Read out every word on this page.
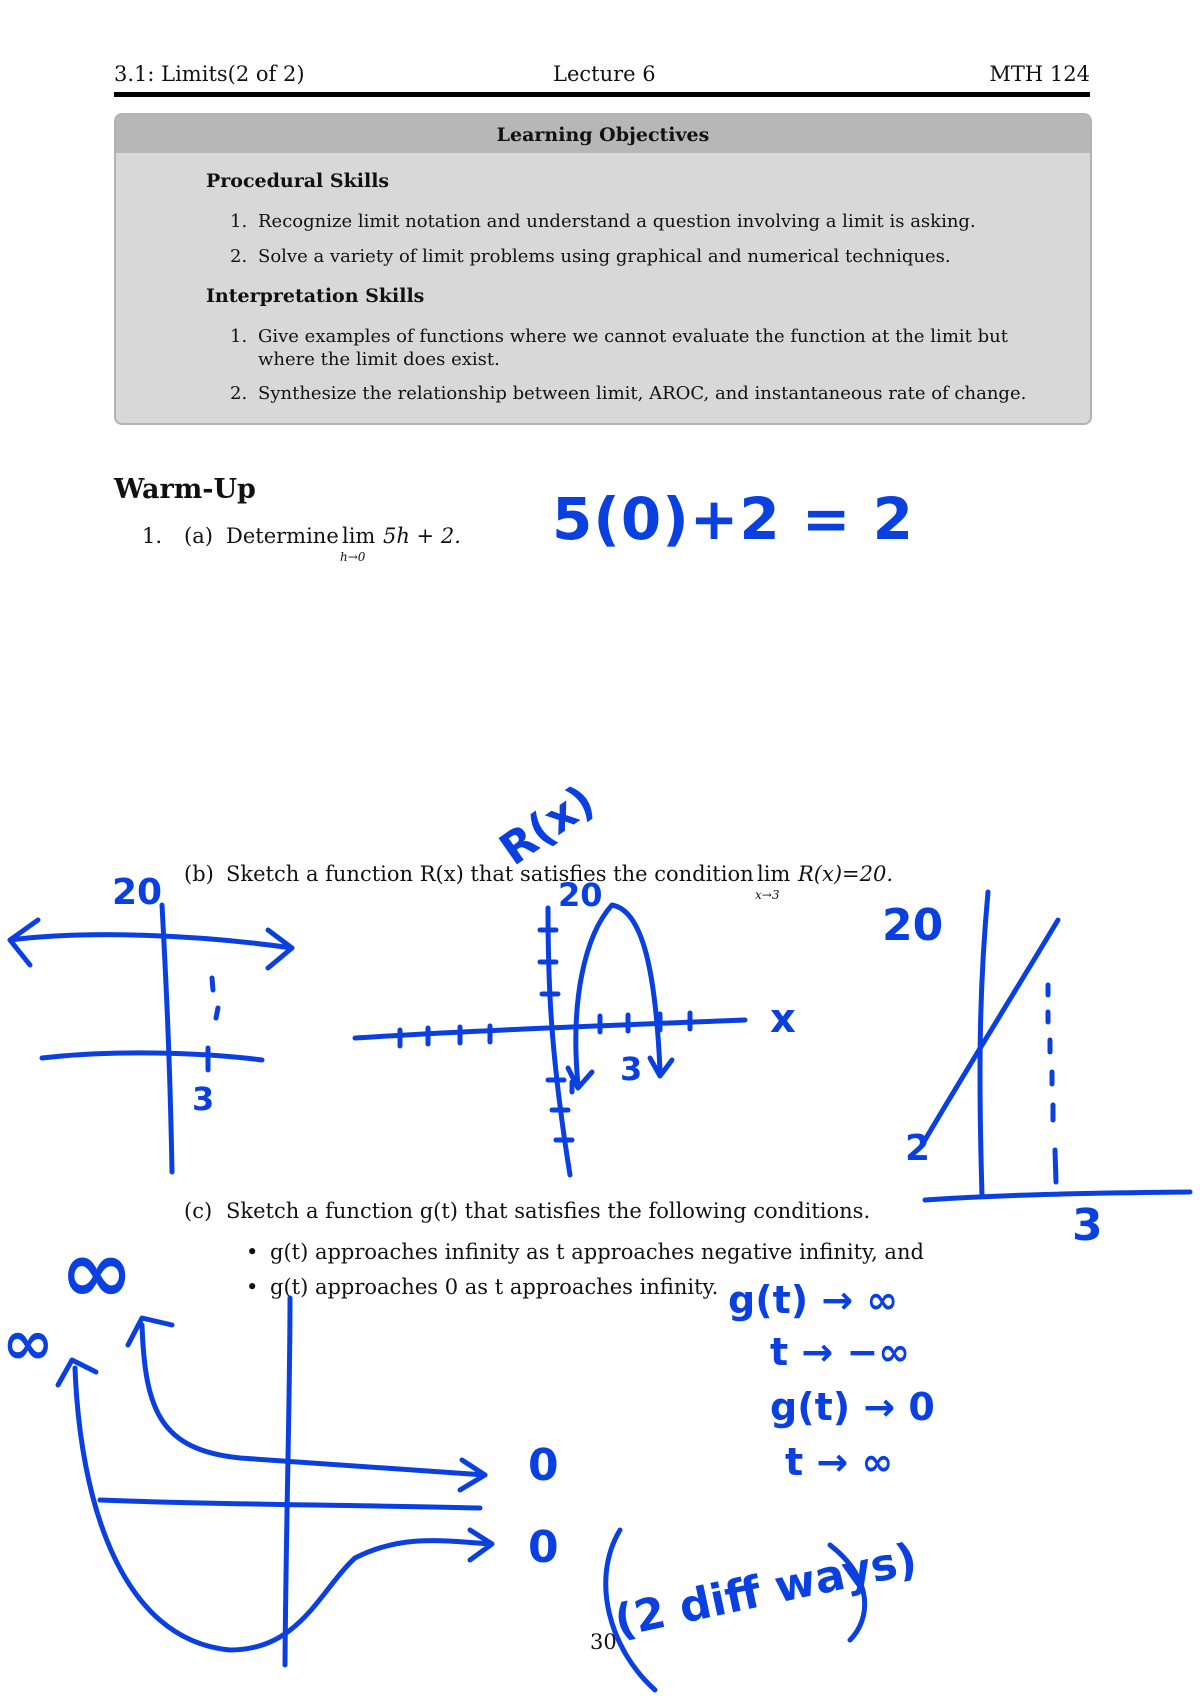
3.1: Limits(2 of 2)	Lecture 6	MTH 124
Learning Objectives
Procedural Skills
1. Recognize limit notation and understand a question involving a limit is asking.
2. Solve a variety of limit problems using graphical and numerical techniques.
Interpretation Skills
1. Give examples of functions where we cannot evaluate the function at the limit but where the limit does exist.
2. Synthesize the relationship between limit, AROC, and instantaneous rate of change.
Warm-Up
1. (a) Determine lim
h→0
5h + 2.
(b) Sketch a function R(x) that satisfies the condition lim
x→3
R(x)=20.
(c) Sketch a function g(t) that satisfies the following conditions.
• g(t) approaches infinity as t approaches negative infinity, and
• g(t) approaches 0 as t approaches infinity.
30
5(0)+2 = 2
20
3
R(x)
20
3
x
20
3
2
∞
∞
0
0
g(t) → ∞
t → −∞
g(t) → 0
t → ∞
(2 diff ways)
